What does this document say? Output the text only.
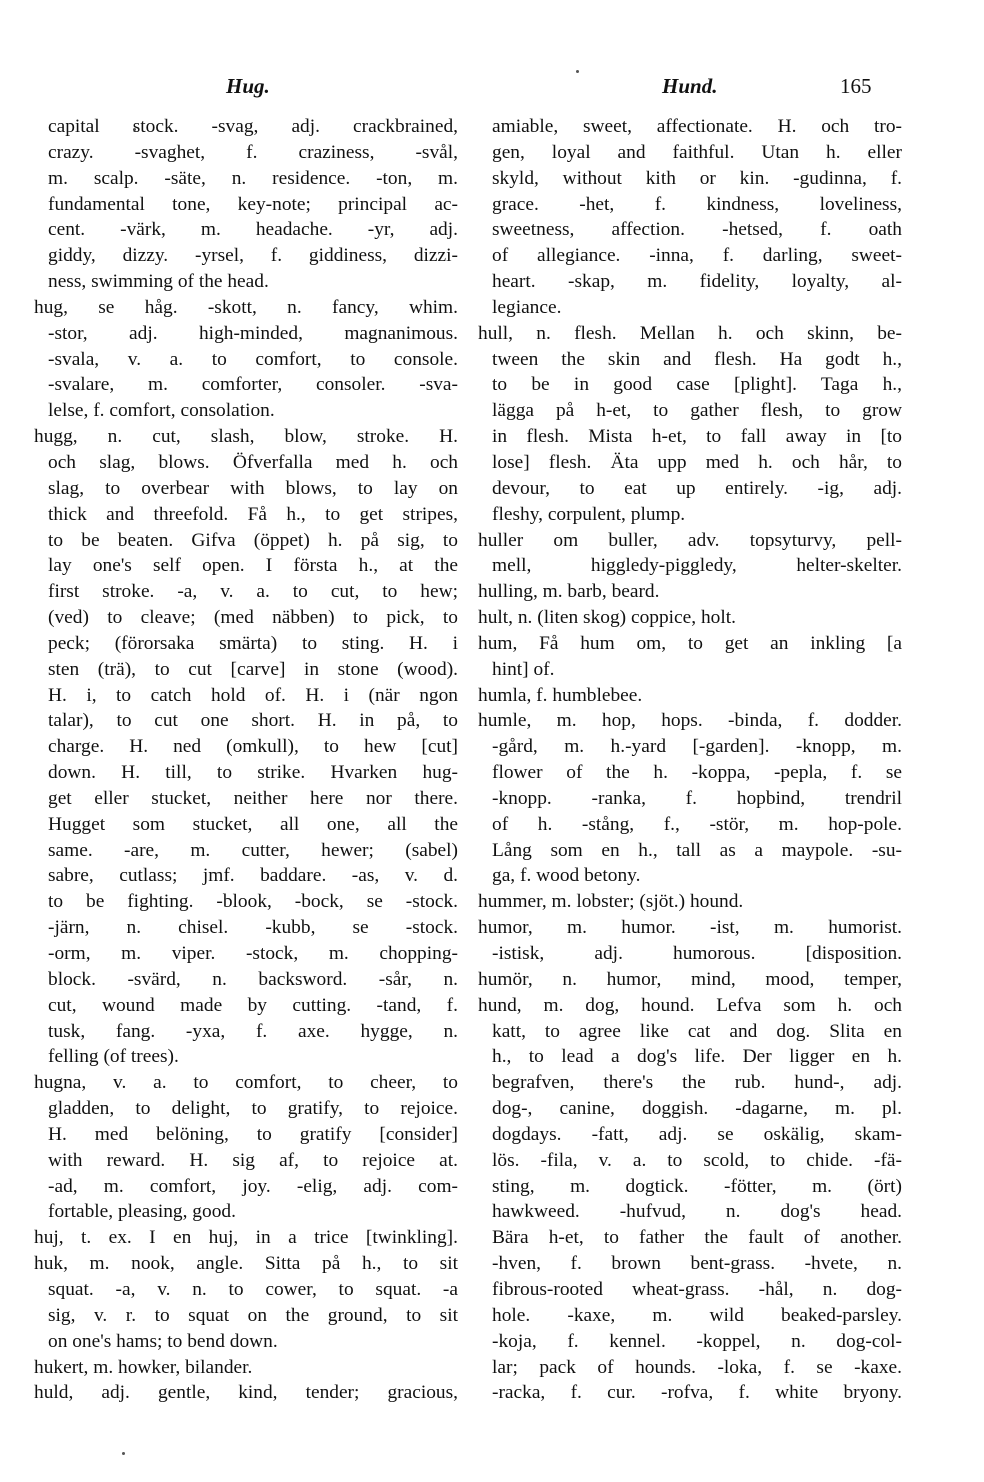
Hug.	Hund.	165
capital stock. -svag, adj. crackbrained,
crazy. -svaghet, f. craziness, -svål,
m. scalp. -säte, n. residence. -ton, m.
fundamental tone, key-note; principal ac-
cent. -värk, m. headache. -yr, adj.
giddy, dizzy. -yrsel, f. giddiness, dizzi-
ness, swimming of the head.
hug, se håg. -skott, n. fancy, whim.
-stor, adj. high-minded, magnanimous.
-svala, v. a. to comfort, to console.
-svalare, m. comforter, consoler. -sva-
lelse, f. comfort, consolation.
hugg, n. cut, slash, blow, stroke. H.
och slag, blows. Öfverfalla med h. och
slag, to overbear with blows, to lay on
thick and threefold. Få h., to get stripes,
to be beaten. Gifva (öppet) h. på sig, to
lay one's self open. I första h., at the
first stroke. -a, v. a. to cut, to hew;
(ved) to cleave; (med näbben) to pick, to
peck; (förorsaka smärta) to sting. H. i
sten (trä), to cut [carve] in stone (wood).
H. i, to catch hold of. H. i (när ngon
talar), to cut one short. H. in på, to
charge. H. ned (omkull), to hew [cut]
down. H. till, to strike. Hvarken hug-
get eller stucket, neither here nor there.
Hugget som stucket, all one, all the
same. -are, m. cutter, hewer; (sabel)
sabre, cutlass; jmf. baddare. -as, v. d.
to be fighting. -blook, -bock, se -stock.
-järn, n. chisel. -kubb, se -stock.
-orm, m. viper. -stock, m. chopping-
block. -svärd, n. backsword. -sår, n.
cut, wound made by cutting. -tand, f.
tusk, fang. -yxa, f. axe. hygge, n.
felling (of trees).
hugna, v. a. to comfort, to cheer, to
gladden, to delight, to gratify, to rejoice.
H. med belöning, to gratify [consider]
with reward. H. sig af, to rejoice at.
-ad, m. comfort, joy. -elig, adj. com-
fortable, pleasing, good.
huj, t. ex. I en huj, in a trice [twinkling].
huk, m. nook, angle. Sitta på h., to sit
squat. -a, v. n. to cower, to squat. -a
sig, v. r. to squat on the ground, to sit
on one's hams; to bend down.
hukert, m. howker, bilander.
huld, adj. gentle, kind, tender; gracious,
amiable, sweet, affectionate. H. och tro-
gen, loyal and faithful. Utan h. eller
skyld, without kith or kin. -gudinna, f.
grace. -het, f. kindness, loveliness,
sweetness, affection. -hetsed, f. oath
of allegiance. -inna, f. darling, sweet-
heart. -skap, m. fidelity, loyalty, al-
legiance.
hull, n. flesh. Mellan h. och skinn, be-
tween the skin and flesh. Ha godt h.,
to be in good case [plight]. Taga h.,
lägga på h-et, to gather flesh, to grow
in flesh. Mista h-et, to fall away in [to
lose] flesh. Äta upp med h. och hår, to
devour, to eat up entirely. -ig, adj.
fleshy, corpulent, plump.
huller om buller, adv. topsyturvy, pell-
mell, higgledy-piggledy, helter-skelter.
hulling, m. barb, beard.
hult, n. (liten skog) coppice, holt.
hum, Få hum om, to get an inkling [a
hint] of.
humla, f. humblebee.
humle, m. hop, hops. -binda, f. dodder.
-gård, m. h.-yard [-garden]. -knopp, m.
flower of the h. -koppa, -pepla, f. se
-knopp. -ranka, f. hopbind, trendril
of h. -stång, f., -stör, m. hop-pole.
Lång som en h., tall as a maypole. -su-
ga, f. wood betony.
hummer, m. lobster; (sjöt.) hound.
humor, m. humor. -ist, m. humorist.
-istisk, adj. humorous. [disposition.
humör, n. humor, mind, mood, temper,
hund, m. dog, hound. Lefva som h. och
katt, to agree like cat and dog. Slita en
h., to lead a dog's life. Der ligger en h.
begrafven, there's the rub. hund-, adj.
dog-, canine, doggish. -dagarne, m. pl.
dogdays. -fatt, adj. se oskälig, skam-
lös. -fila, v. a. to scold, to chide. -fä-
sting, m. dogtick. -fötter, m. (ört)
hawkweed. -hufvud, n. dog's head.
Bära h-et, to father the fault of another.
-hven, f. brown bent-grass. -hvete, n.
fibrous-rooted wheat-grass. -hål, n. dog-
hole. -kaxe, m. wild beaked-parsley.
-koja, f. kennel. -koppel, n. dog-col-
lar; pack of hounds. -loka, f. se -kaxe.
-racka, f. cur. -rofva, f. white bryony.
